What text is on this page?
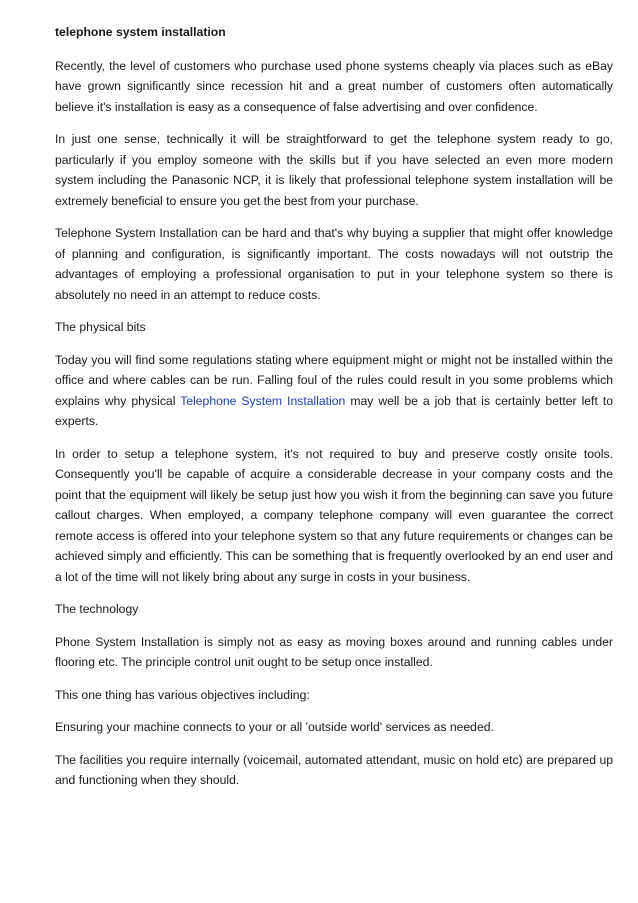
telephone system installation

Recently, the level of customers who purchase used phone systems cheaply via places such as eBay have grown significantly since recession hit and a great number of customers often automatically believe it's installation is easy as a consequence of false advertising and over confidence.

In just one sense, technically it will be straightforward to get the telephone system ready to go, particularly if you employ someone with the skills but if you have selected an even more modern system including the Panasonic NCP, it is likely that professional telephone system installation will be extremely beneficial to ensure you get the best from your purchase.

Telephone System Installation can be hard and that's why buying a supplier that might offer knowledge of planning and configuration, is significantly important. The costs nowadays will not outstrip the advantages of employing a professional organisation to put in your telephone system so there is absolutely no need in an attempt to reduce costs.

The physical bits

Today you will find some regulations stating where equipment might or might not be installed within the office and where cables can be run. Falling foul of the rules could result in you some problems which explains why physical Telephone System Installation may well be a job that is certainly better left to experts.

In order to setup a telephone system, it's not required to buy and preserve costly onsite tools. Consequently you'll be capable of acquire a considerable decrease in your company costs and the point that the equipment will likely be setup just how you wish it from the beginning can save you future callout charges. When employed, a company telephone company will even guarantee the correct remote access is offered into your telephone system so that any future requirements or changes can be achieved simply and efficiently. This can be something that is frequently overlooked by an end user and a lot of the time will not likely bring about any surge in costs in your business.

The technology

Phone System Installation is simply not as easy as moving boxes around and running cables under flooring etc. The principle control unit ought to be setup once installed.

This one thing has various objectives including:

Ensuring your machine connects to your or all 'outside world' services as needed.

The facilities you require internally (voicemail, automated attendant, music on hold etc) are prepared up and functioning when they should.
